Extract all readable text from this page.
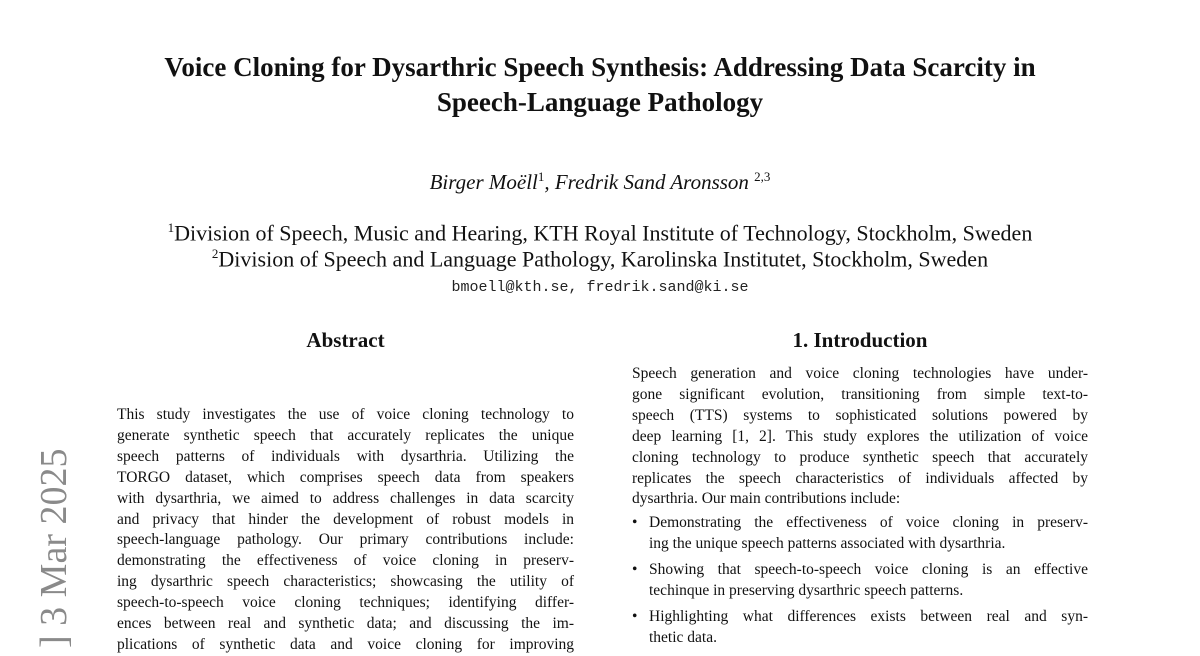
Voice Cloning for Dysarthric Speech Synthesis: Addressing Data Scarcity in
Speech-Language Pathology
Birger Moëll$^1$, Fredrik Sand Aronsson $^{2,3}$
$^1$Division of Speech, Music and Hearing, KTH Royal Institute of Technology, Stockholm, Sweden
$^2$Division of Speech and Language Pathology, Karolinska Institutet, Stockholm, Sweden
bmoell@kth.se, fredrik.sand@ki.se
Abstract
This study investigates the use of voice cloning technology to
generate synthetic speech that accurately replicates the unique
speech patterns of individuals with dysarthria. Utilizing the
TORGO dataset, which comprises speech data from speakers
with dysarthria, we aimed to address challenges in data scarcity
and privacy that hinder the development of robust models in
speech-language pathology. Our primary contributions include:
demonstrating the effectiveness of voice cloning in preserv-
ing dysarthric speech characteristics; showcasing the utility of
speech-to-speech voice cloning techniques; identifying differ-
ences between real and synthetic data; and discussing the im-
plications of synthetic data and voice cloning for improving
1. Introduction
Speech generation and voice cloning technologies have under-
gone significant evolution, transitioning from simple text-to-
speech (TTS) systems to sophisticated solutions powered by
deep learning [1, 2]. This study explores the utilization of voice
cloning technology to produce synthetic speech that accurately
replicates the speech characteristics of individuals affected by
dysarthria. Our main contributions include:
• Demonstrating the effectiveness of voice cloning in preserv-
ing the unique speech patterns associated with dysarthria.
• Showing that speech-to-speech voice cloning is an effective
techinque in preserving dysarthric speech patterns.
• Highlighting what differences exists between real and syn-
thetic data.
] 3 Mar 2025
